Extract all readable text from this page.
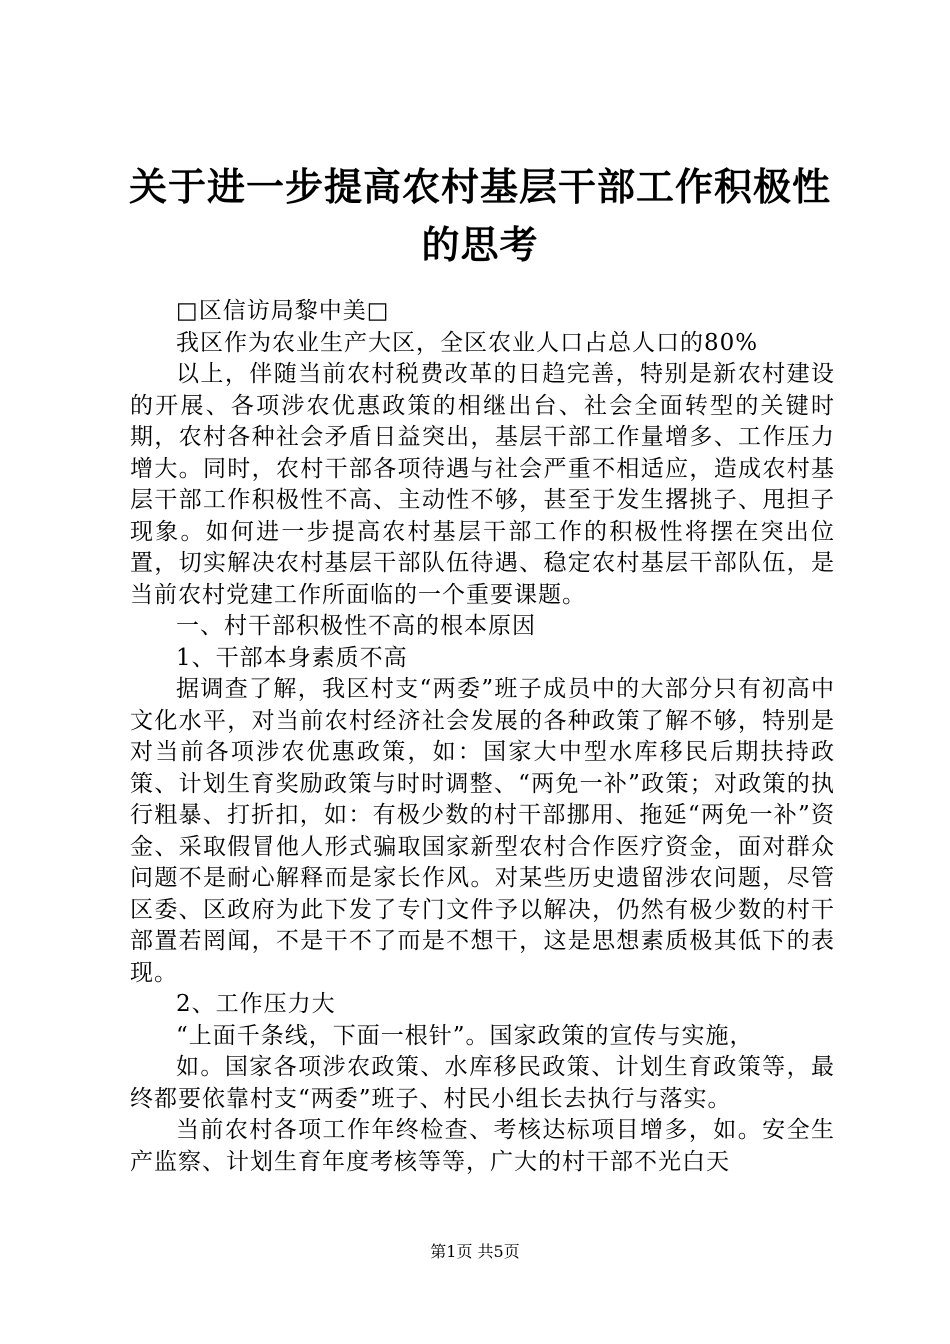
关于进一步提高农村基层干部工作积极性的思考

□区信访局黎中美□

我区作为农业生产大区，全区农业人口占总人口的80%

以上，伴随当前农村税费改革的日趋完善，特别是新农村建设的开展、各项涉农优惠政策的相继出台、社会全面转型的关键时期，农村各种社会矛盾日益突出，基层干部工作量增多、工作压力增大。同时，农村干部各项待遇与社会严重不相适应，造成农村基层干部工作积极性不高、主动性不够，甚至于发生撂挑子、甩担子现象。如何进一步提高农村基层干部工作的积极性将摆在突出位置，切实解决农村基层干部队伍待遇、稳定农村基层干部队伍，是当前农村党建工作所面临的一个重要课题。

一、村干部积极性不高的根本原因

1、干部本身素质不高

据调查了解，我区村支“两委”班子成员中的大部分只有初高中文化水平，对当前农村经济社会发展的各种政策了解不够，特别是对当前各项涉农优惠政策，如：国家大中型水库移民后期扶持政策、计划生育奖励政策与时时调整、“两免一补”政策；对政策的执行粗暴、打折扣，如：有极少数的村干部挪用、拖延“两免一补”资金、采取假冒他人形式骗取国家新型农村合作医疗资金，面对群众问题不是耐心解释而是家长作风。对某些历史遗留涉农问题，尽管区委、区政府为此下发了专门文件予以解决，仍然有极少数的村干部置若罔闻，不是干不了而是不想干，这是思想素质极其低下的表现。

2、工作压力大

“上面千条线，下面一根针”。国家政策的宣传与实施，

如。国家各项涉农政策、水库移民政策、计划生育政策等，最终都要依靠村支“两委”班子、村民小组长去执行与落实。

当前农村各项工作年终检查、考核达标项目增多，如。安全生产监察、计划生育年度考核等等，广大的村干部不光白天

第1页 共5页
